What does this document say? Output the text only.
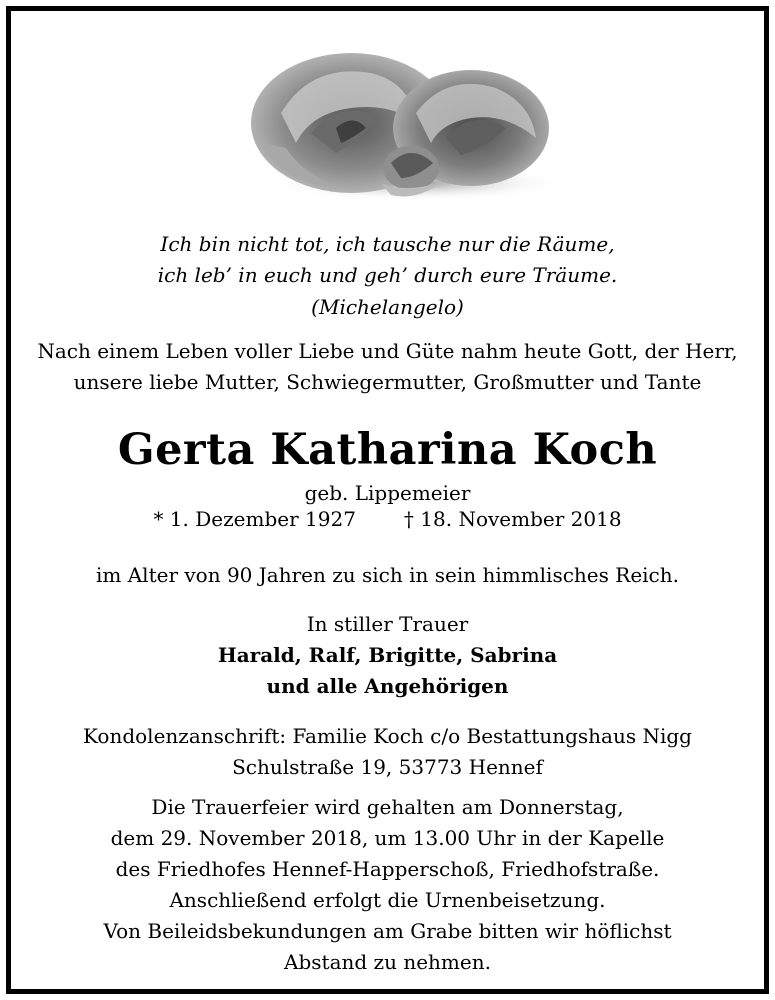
Ich bin nicht tot, ich tausche nur die Räume,
ich leb’ in euch und geh’ durch eure Träume.
(Michelangelo)
Nach einem Leben voller Liebe und Güte nahm heute Gott, der Herr,
unsere liebe Mutter, Schwiegermutter, Großmutter und Tante
Gerta Katharina Koch
geb. Lippemeier
* 1. Dezember 1927 † 18. November 2018
im Alter von 90 Jahren zu sich in sein himmlisches Reich.
In stiller Trauer
Harald, Ralf, Brigitte, Sabrina
und alle Angehörigen
Kondolenzanschrift: Familie Koch c/o Bestattungshaus Nigg
Schulstraße 19, 53773 Hennef
Die Trauerfeier wird gehalten am Donnerstag,
dem 29. November 2018, um 13.00 Uhr in der Kapelle
des Friedhofes Hennef-Happerschoß, Friedhofstraße.
Anschließend erfolgt die Urnenbeisetzung.
Von Beileidsbekundungen am Grabe bitten wir höflichst
Abstand zu nehmen.
